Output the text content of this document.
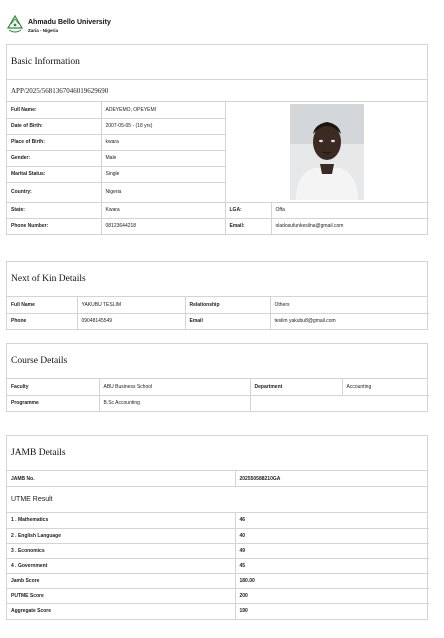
Ahmadu Bello University
Zaria - Nigeria
Basic Information
APP/2025/5681367046019629690
Full Name:	ADEYEMO, OPEYEMI	

Date of Birth:	2007-05-05 - (18 yrs)		
Place of Birth:	kwara		
Gender:	Male		
Marital Status:	Single		
Country:	Nigeria		
State:	Kwara	LGA:	Offa
Phone Number:	08123644218	Email:	oladosufunkesilna@gmail.com
Next of Kin Details
Full Name	YAKUBU TESLIM	Relationship	Others
Phone	09048145549	Email	teslim yakubu8@gmail.com
Course Details
Faculty	ABU Business School	Department	Accounting
Programme	B.Sc Accounting		
JAMB Details
JAMB No.	202550588210GA
UTME Result
1 . Mathematics	46
2 . English Language	40
3 . Economics	49
4 . Government	45
Jamb Score	180.00
PUTME Score	200
Aggregate Score	190
